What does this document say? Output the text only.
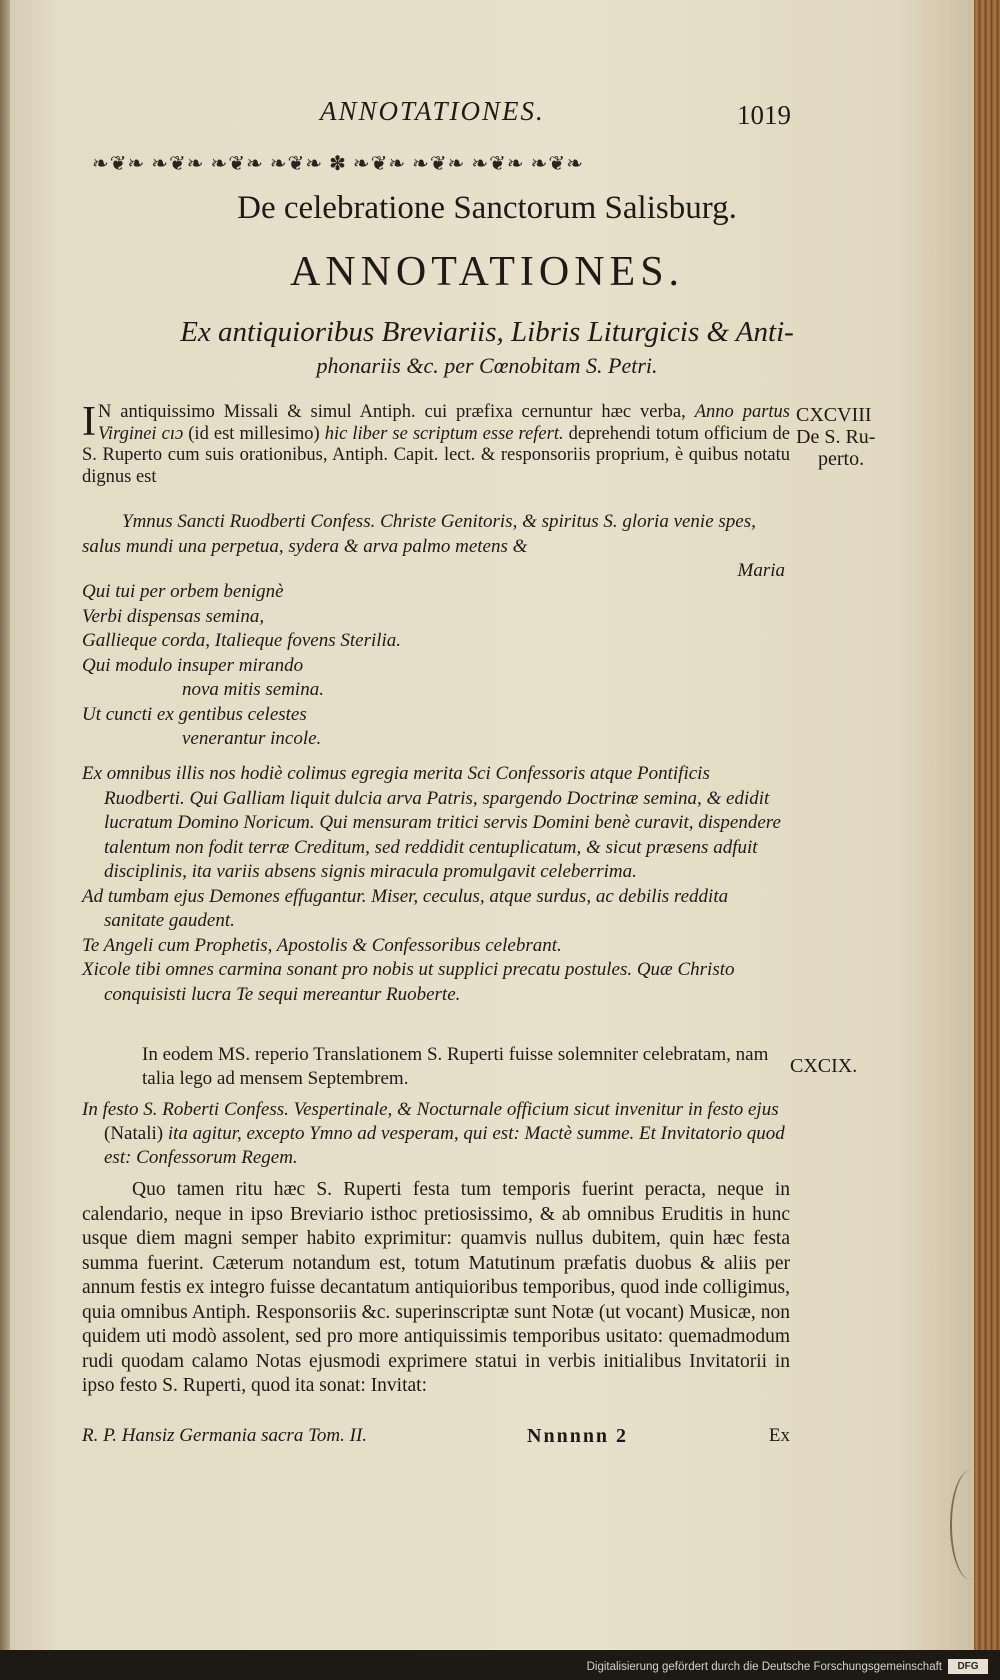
ANNOTATIONES.	1019
❧❦❧ ❧❦❧ ❧❦❧ ❧❦❧ ✽ ❧❦❧ ❧❦❧ ❧❦❧ ❧❦❧
De celebratione Sanctorum Salisburg.
ANNOTATIONES.
Ex antiquioribus Breviariis, Libris Liturgicis & Anti-
phonariis &c. per Cœnobitam S. Petri.
I N antiquissimo Missali & simul Antiph. cui præfixa cernuntur hæc verba, Anno partus Virginei cıɔ (id est millesimo) hic liber se scriptum esse refert. deprehendi totum officium de S. Ruperto cum suis orationibus, Antiph. Capit. lect. & responsoriis proprium, è quibus notatu dignus est
CXCVIII
De S. Ru-
perto.

Ymnus Sancti Ruodberti Confess. Christe Genitoris, & spiritus S. gloria venie spes, salus mundi una perpetua, sydera & arva palmo metens &

Maria

Qui tui per orbem benignè

Verbi dispensas semina,

Gallieque corda, Italieque fovens Sterilia.

Qui modulo insuper mirando

nova mitis semina.

Ut cuncti ex gentibus celestes

venerantur incole.

Ex omnibus illis nos hodiè colimus egregia merita Sci Confessoris atque Pontificis Ruodberti. Qui Galliam liquit dulcia arva Patris, spargendo Doctrinæ semina, & edidit lucratum Domino Noricum. Qui mensuram tritici servis Domini benè curavit, dispendere talentum non fodit terræ Creditum, sed reddidit centuplicatum, & sicut præsens adfuit disciplinis, ita variis absens signis miracula promulgavit celeberrima.

Ad tumbam ejus Demones effugantur. Miser, ceculus, atque surdus, ac debilis reddita sanitate gaudent.

Te Angeli cum Prophetis, Apostolis & Confessoribus celebrant.

Xicole tibi omnes carmina sonant pro nobis ut supplici precatu postules. Quæ Christo conquisisti lucra Te sequi mereantur Ruoberte.

In eodem MS. reperio Translationem S. Ruperti fuisse solemniter celebratam, nam talia lego ad mensem Septembrem.
CXCIX.
In festo S. Roberti Confess. Vespertinale, & Nocturnale officium sicut invenitur in festo ejus (Natali) ita agitur, excepto Ymno ad vesperam, qui est: Mactè summe. Et Invitatorio quod est: Confessorum Regem.

Quo tamen ritu hæc S. Ruperti festa tum temporis fuerint peracta, neque in calendario, neque in ipso Breviario isthoc pretiosissimo, & ab omnibus Eruditis in hunc usque diem magni semper habito exprimitur: quamvis nullus dubitem, quin hæc festa summa fuerint. Cæterum notandum est, totum Matutinum præfatis duobus & aliis per annum festis ex integro fuisse decantatum antiquioribus temporibus, quod inde colligimus, quia omnibus Antiph. Responsoriis &c. superinscriptæ sunt Notæ (ut vocant) Musicæ, non quidem uti modò assolent, sed pro more antiquissimis temporibus usitato: quemadmodum rudi quodam calamo Notas ejusmodi exprimere statui in verbis initialibus Invitatorii in ipso festo S. Ruperti, quod ita sonat: Invitat:

R. P. Hansiz Germania sacra Tom. II.	Nnnnnn 2	Ex
Digitalisierung gefördert durch die Deutsche Forschungsgemeinschaft	DFG
